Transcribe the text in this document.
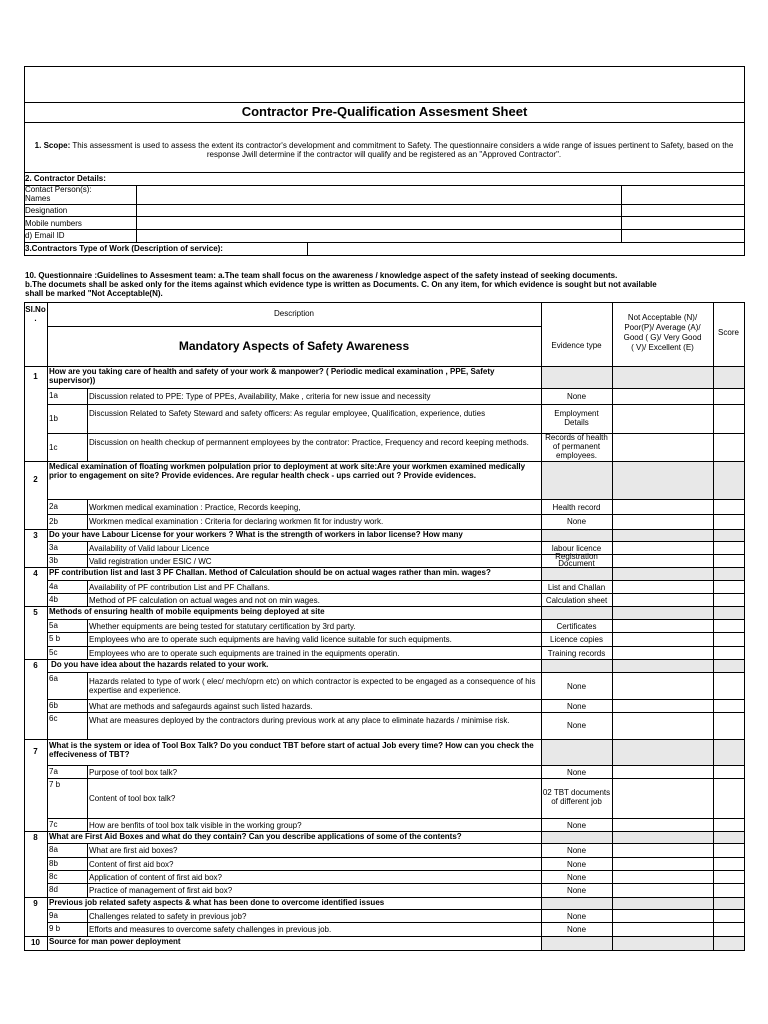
Contractor Pre-Qualification Assesment Sheet
1. Scope: This assessment is used to assess the extent its contractor's development and commitment to Safety. The questionnaire considers a wide range of issues pertinent to Safety, based on the response Jwill determine if the contractor will qualify and be registered as an "Approved Contractor".
2. Contractor Details:
Contact Person(s):
Names
Designation
Mobile numbers
d) Email ID
3.Contractors Type of Work (Description of service):
10. Questionnaire :Guidelines to Assesment team: a.The team shall focus on the awareness / knowledge aspect of the safety instead of seeking documents.
b.The documets shall be asked only for the items against which evidence type is written as Documents. C. On any item, for which evidence is sought but not available
shall be marked "Not Acceptable(N).
Sl.No
.
Description
Mandatory Aspects of Safety Awareness	Evidence type
Not Acceptable (N)/
Poor(P)/ Average (A)/
Good ( G)/ Very Good
( V)/ Excellent (E)
Score
1
2
3
4
5
6
7
8
9
10
How are you taking care of health and safety of your work & manpower? ( Periodic medical examination , PPE, Safety supervisor))
Medical examination of floating workmen polpulation prior to deployment at work site:Are your workmen examined medically prior to engagement on site? Provide evidences. Are regular health check - ups carried out ? Provide evidences.
Do your have Labour License for your workers ? What is the strength of workers in labor license? How many
PF contribution list and last 3 PF Challan. Method of Calculation should be on actual wages rather than min. wages?
Methods of ensuring health of mobile equipments being deployed at site
Do you have idea about the hazards related to your work.
What is the system or idea of Tool Box Talk? Do you conduct TBT before start of actual Job every time? How can you check the effeciveness of TBT?
What are First Aid Boxes and what do they contain? Can you describe applications of some of the contents?
Previous job related safety aspects & what has been done to overcome identified issues
Source for man power deployment
1a
1b
1c
2a
2b
3a
3b
4a
4b
5a
5 b
5c
6a
6b
6c
7a
7 b
7c
8a
8b
8c
8d
9a
9 b
Discussion related to PPE: Type of PPEs, Availability, Make , criteria for new issue and necessity
Discussion Related to Safety Steward and safety officers: As regular employee, Qualification, experience, duties
Discussion on health checkup of permannent employees by the contrator: Practice, Frequency and record keeping methods.
Workmen medical examination : Practice, Records keeping,
Workmen medical examination : Criteria for declaring workmen fit for industry work.
Availability of Valid labour Licence
Valid registration under ESIC / WC
Availability of PF contribution List and PF Challans.
Method of PF calculation on actual wages and not on min wages.
Whether equipments are being tested for statutary certification by 3rd party.
Employees who are to operate such equipments are having valid licence suitable for such equipments.
Employees who are to operate such equipments are trained in the equipments operatin.
Hazards related to type of work ( elec/ mech/oprn etc) on which contractor is expected to be engaged as a consequence of his expertise and experience.
What are methods and safegaurds against such listed hazards.
What are measures deployed by the contractors during previous work at any place to eliminate hazards / minimise risk.
Purpose of tool box talk?
Content of tool box talk?
How are benfits of tool box talk visible in the working group?
What are first aid boxes?
Content of first aid box?
Application of content of first aid box?
Practice of management of first aid box?
Challenges related to safety in previous job?
Efforts and measures to overcome safety challenges in previous job.
None
Employment Details
Records of health of permanent employees.
Health record
None
labour licence
Registration Document
List and Challan
Calculation sheet
Certificates
Licence copies
Training records
None
None
None
None
02 TBT documents of different job
None
None
None
None
None
None
None
